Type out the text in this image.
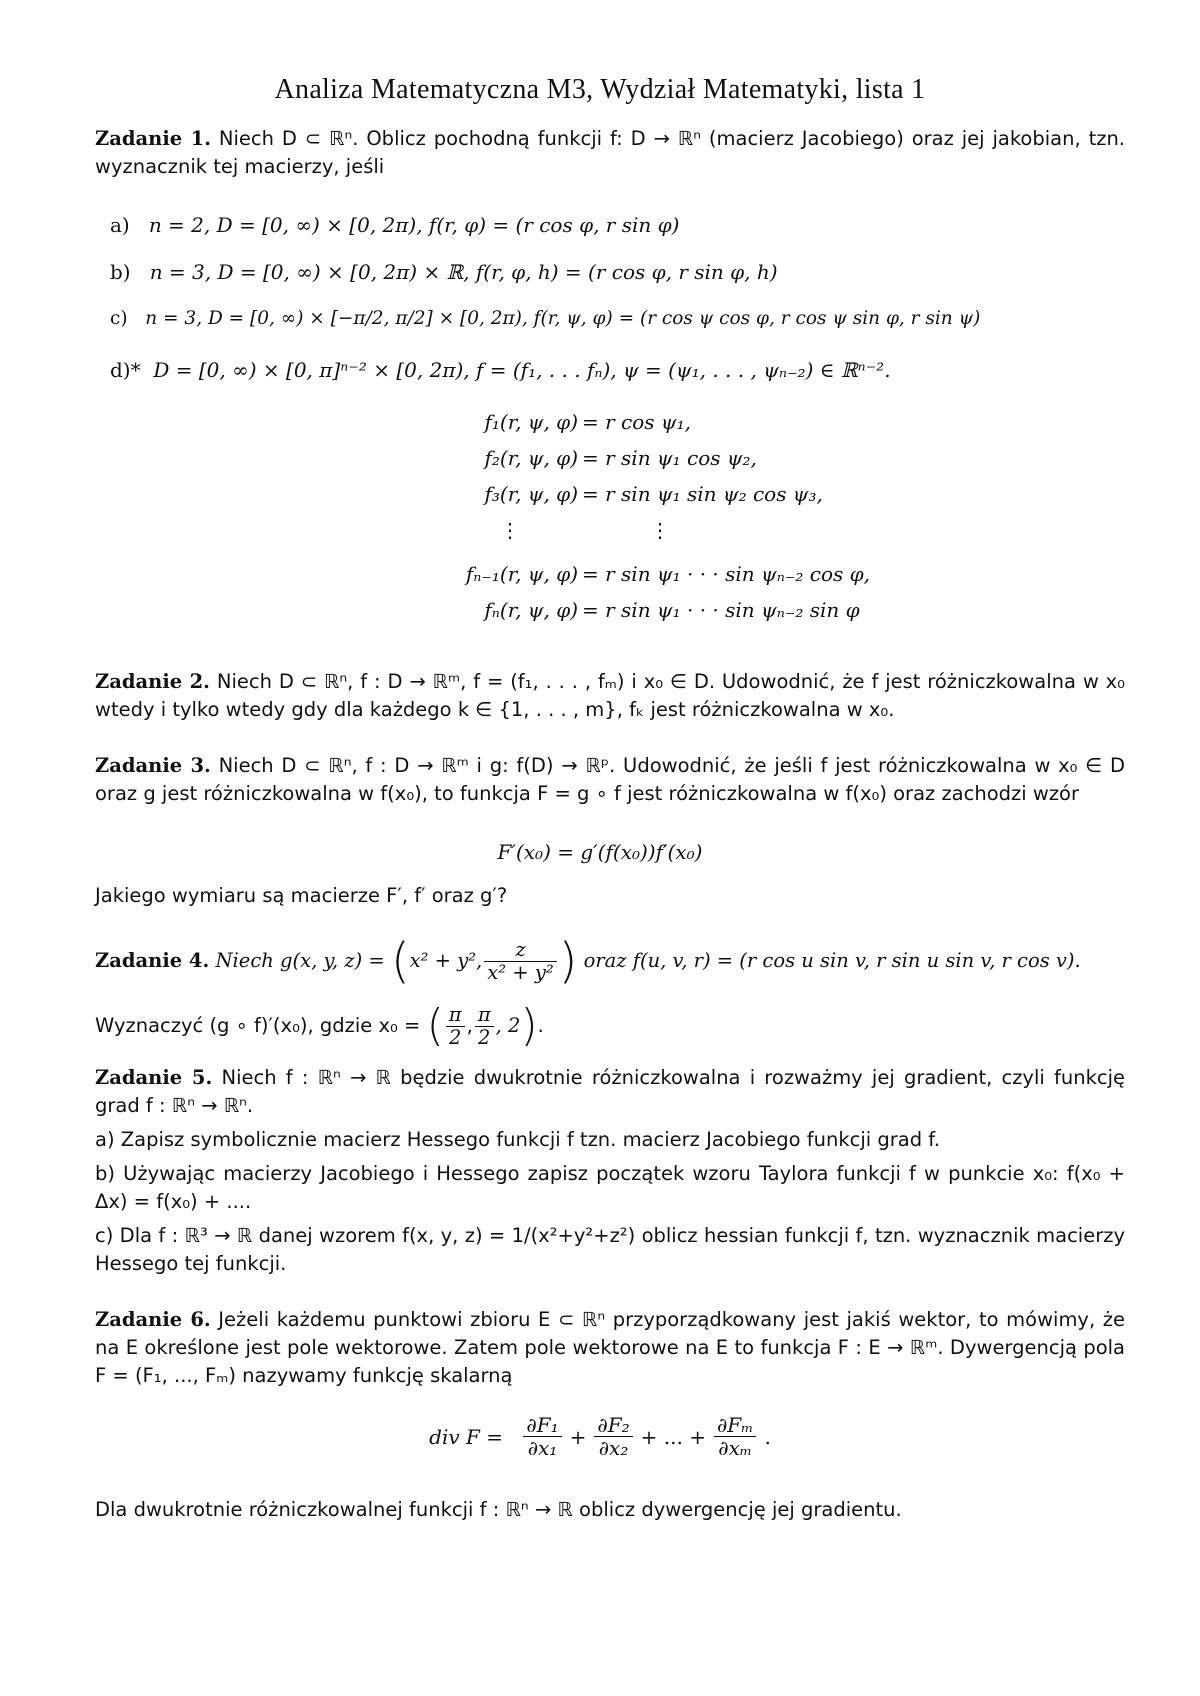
Analiza Matematyczna M3, Wydział Matematyki, lista 1
Zadanie 1. Niech D ⊂ ℝⁿ. Oblicz pochodną funkcji f: D → ℝⁿ (macierz Jacobiego) oraz jej jakobian, tzn. wyznacznik tej macierzy, jeśli
a) n = 2, D = [0, ∞) × [0, 2π), f(r, φ) = (r cos φ, r sin φ)
b) n = 3, D = [0, ∞) × [0, 2π) × ℝ, f(r, φ, h) = (r cos φ, r sin φ, h)
c) n = 3, D = [0, ∞) × [−π/2, π/2] × [0, 2π), f(r, ψ, φ) = (r cos ψ cos φ, r cos ψ sin φ, r sin ψ)
d)* D = [0, ∞) × [0, π]ⁿ⁻² × [0, 2π), f = (f₁, . . . fₙ), ψ = (ψ₁, . . . , ψₙ₋₂) ∈ ℝⁿ⁻².
f₁(r, ψ, φ) = r cos ψ₁,
f₂(r, ψ, φ) = r sin ψ₁ cos ψ₂,
f₃(r, ψ, φ) = r sin ψ₁ sin ψ₂ cos ψ₃,
⋮	⋮
fₙ₋₁(r, ψ, φ) = r sin ψ₁ · · · sin ψₙ₋₂ cos φ,
fₙ(r, ψ, φ) = r sin ψ₁ · · · sin ψₙ₋₂ sin φ
Zadanie 2. Niech D ⊂ ℝⁿ, f : D → ℝᵐ, f = (f₁, . . . , fₘ) i x₀ ∈ D. Udowodnić, że f jest różniczkowalna w x₀ wtedy i tylko wtedy gdy dla każdego k ∈ {1, . . . , m}, fₖ jest różniczkowalna w x₀.
Zadanie 3. Niech D ⊂ ℝⁿ, f : D → ℝᵐ i g: f(D) → ℝᵖ. Udowodnić, że jeśli f jest różniczkowalna w x₀ ∈ D oraz g jest różniczkowalna w f(x₀), to funkcja F = g ∘ f jest różniczkowalna w f(x₀) oraz zachodzi wzór
F′(x₀) = g′(f(x₀))f′(x₀)
Jakiego wymiaru są macierze F′, f′ oraz g′?
Zadanie 4.
Niech g(x, y, z) =
( x² + y², $\frac{z}{\text{x² + y²}}$ )
oraz f(u, v, r) = (r cos u sin v, r sin u sin v, r cos v).
Wyznaczyć (g ∘ f)′(x₀), gdzie x₀ =
( $\frac{\pi}{2}$ , $\frac{\pi}{2}$ , 2 ) .
Zadanie 5. Niech f : ℝⁿ → ℝ będzie dwukrotnie różniczkowalna i rozważmy jej gradient, czyli funkcję grad f : ℝⁿ → ℝⁿ.
a) Zapisz symbolicznie macierz Hessego funkcji f tzn. macierz Jacobiego funkcji grad f.
b) Używając macierzy Jacobiego i Hessego zapisz początek wzoru Taylora funkcji f w punkcie x₀: f(x₀ + Δx) = f(x₀) + ....
c) Dla f : ℝ³ → ℝ danej wzorem f(x, y, z) = 1/(x²+y²+z²) oblicz hessian funkcji f, tzn. wyznacznik macierzy Hessego tej funkcji.
Zadanie 6. Jeżeli każdemu punktowi zbioru E ⊂ ℝⁿ przyporządkowany jest jakiś wektor, to mówimy, że na E określone jest pole wektorowe. Zatem pole wektorowe na E to funkcja F : E → ℝᵐ. Dywergencją pola F = (F₁, ..., Fₘ) nazywamy funkcję skalarną
div F =
$\frac{\text{∂F₁}}{\text{∂x₁}} + \frac{\text{∂F₂}}{\text{∂x₂}}$ + ... + $\frac{\text{∂Fₘ}}{\text{∂xₘ}}$ .
Dla dwukrotnie różniczkowalnej funkcji f : ℝⁿ → ℝ oblicz dywergencję jej gradientu.
